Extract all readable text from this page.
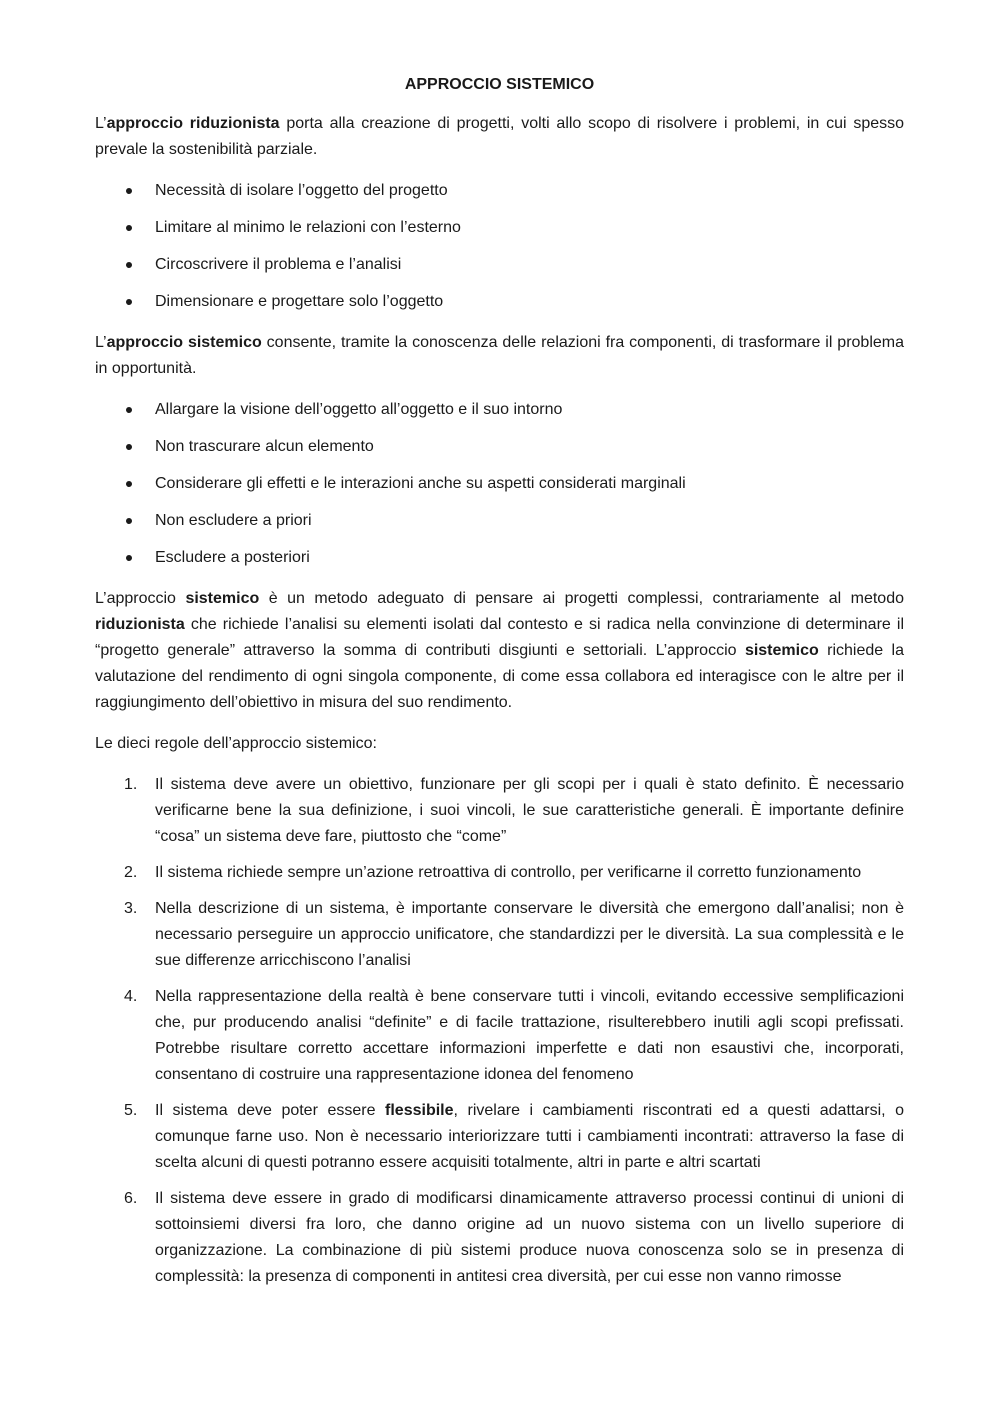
APPROCCIO SISTEMICO

L’approccio riduzionista porta alla creazione di progetti, volti allo scopo di risolvere i problemi, in cui spesso prevale la sostenibilità parziale.

Necessità di isolare l’oggetto del progetto
Limitare al minimo le relazioni con l’esterno
Circoscrivere il problema e l’analisi
Dimensionare e progettare solo l’oggetto

L’approccio sistemico consente, tramite la conoscenza delle relazioni fra componenti, di trasformare il problema in opportunità.

Allargare la visione dell’oggetto all’oggetto e il suo intorno
Non trascurare alcun elemento
Considerare gli effetti e le interazioni anche su aspetti considerati marginali
Non escludere a priori
Escludere a posteriori

L’approccio sistemico è un metodo adeguato di pensare ai progetti complessi, contrariamente al metodo riduzionista che richiede l’analisi su elementi isolati dal contesto e si radica nella convinzione di determinare il “progetto generale” attraverso la somma di contributi disgiunti e settoriali. L’approccio sistemico richiede la valutazione del rendimento di ogni singola componente, di come essa collabora ed interagisce con le altre per il raggiungimento dell’obiettivo in misura del suo rendimento.

Le dieci regole dell’approccio sistemico:

1. Il sistema deve avere un obiettivo, funzionare per gli scopi per i quali è stato definito. È necessario verificarne bene la sua definizione, i suoi vincoli, le sue caratteristiche generali. È importante definire “cosa” un sistema deve fare, piuttosto che “come”
2. Il sistema richiede sempre un’azione retroattiva di controllo, per verificarne il corretto funzionamento
3. Nella descrizione di un sistema, è importante conservare le diversità che emergono dall’analisi; non è necessario perseguire un approccio unificatore, che standardizzi per le diversità. La sua complessità e le sue differenze arricchiscono l’analisi
4. Nella rappresentazione della realtà è bene conservare tutti i vincoli, evitando eccessive semplificazioni che, pur producendo analisi “definite” e di facile trattazione, risulterebbero inutili agli scopi prefissati. Potrebbe risultare corretto accettare informazioni imperfette e dati non esaustivi che, incorporati, consentano di costruire una rappresentazione idonea del fenomeno
5. Il sistema deve poter essere flessibile, rivelare i cambiamenti riscontrati ed a questi adattarsi, o comunque farne uso. Non è necessario interiorizzare tutti i cambiamenti incontrati: attraverso la fase di scelta alcuni di questi potranno essere acquisiti totalmente, altri in parte e altri scartati
6. Il sistema deve essere in grado di modificarsi dinamicamente attraverso processi continui di unioni di sottoinsiemi diversi fra loro, che danno origine ad un nuovo sistema con un livello superiore di organizzazione. La combinazione di più sistemi produce nuova conoscenza solo se in presenza di complessità: la presenza di componenti in antitesi crea diversità, per cui esse non vanno rimosse
